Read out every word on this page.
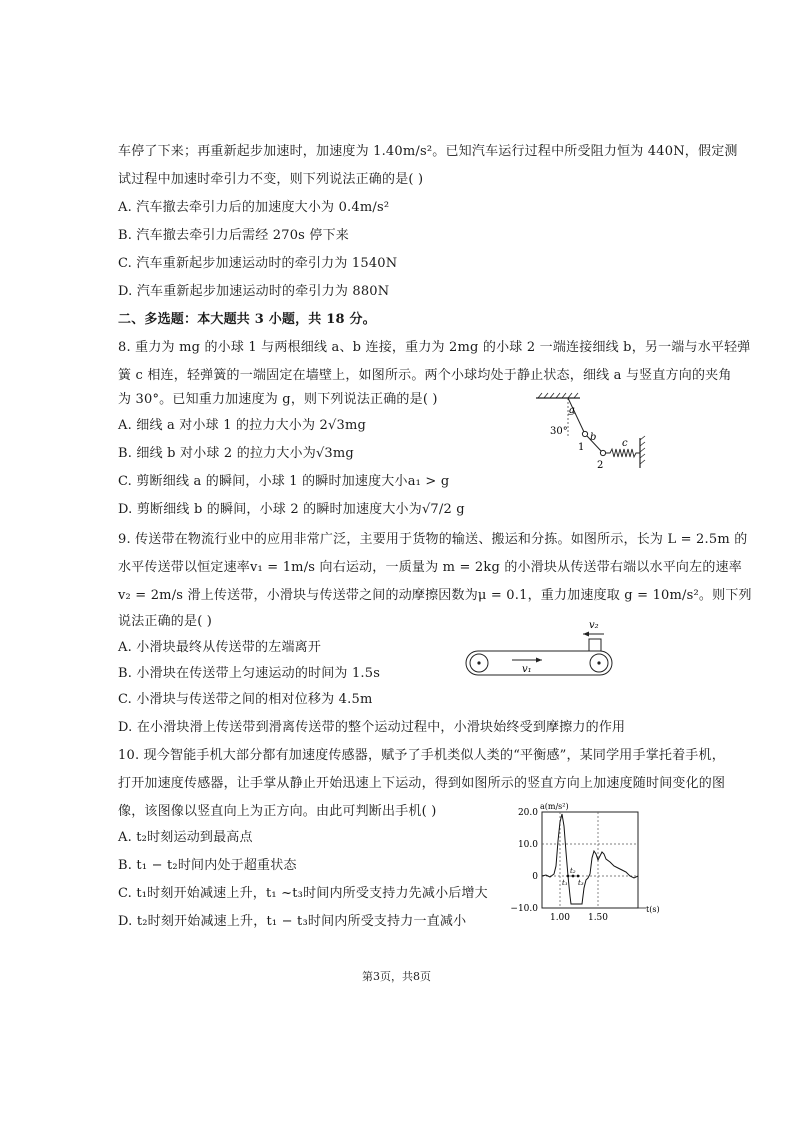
车停了下来；再重新起步加速时，加速度为 1.40m/s²。已知汽车运行过程中所受阻力恒为 440N，假定测
试过程中加速时牵引力不变，则下列说法正确的是( )
A. 汽车撤去牵引力后的加速度大小为 0.4m/s²
B. 汽车撤去牵引力后需经 270s 停下来
C. 汽车重新起步加速运动时的牵引力为 1540N
D. 汽车重新起步加速运动时的牵引力为 880N
二、多选题：本大题共 3 小题，共 18 分。
8. 重力为 mg 的小球 1 与两根细线 a、b 连接，重力为 2mg 的小球 2 一端连接细线 b，另一端与水平轻弹
簧 c 相连，轻弹簧的一端固定在墙壁上，如图所示。两个小球均处于静止状态，细线 a 与竖直方向的夹角
为 30°。已知重力加速度为 g，则下列说法正确的是( )
A. 细线 a 对小球 1 的拉力大小为 2√3mg
B. 细线 b 对小球 2 的拉力大小为√3mg
C. 剪断细线 a 的瞬间，小球 1 的瞬时加速度大小a₁ > g
D. 剪断细线 b 的瞬间，小球 2 的瞬时加速度大小为√7/2 g
9. 传送带在物流行业中的应用非常广泛，主要用于货物的输送、搬运和分拣。如图所示，长为 L = 2.5m 的
水平传送带以恒定速率v₁ = 1m/s 向右运动，一质量为 m = 2kg 的小滑块从传送带右端以水平向左的速率
v₂ = 2m/s 滑上传送带，小滑块与传送带之间的动摩擦因数为μ = 0.1，重力加速度取 g = 10m/s²。则下列
说法正确的是( )
A. 小滑块最终从传送带的左端离开
B. 小滑块在传送带上匀速运动的时间为 1.5s
C. 小滑块与传送带之间的相对位移为 4.5m
D. 在小滑块滑上传送带到滑离传送带的整个运动过程中，小滑块始终受到摩擦力的作用
10. 现今智能手机大部分都有加速度传感器，赋予了手机类似人类的“平衡感”，某同学用手掌托着手机，
打开加速度传感器，让手掌从静止开始迅速上下运动，得到如图所示的竖直方向上加速度随时间变化的图
像，该图像以竖直向上为正方向。由此可判断出手机( )
A. t₂时刻运动到最高点
B. t₁ − t₂时间内处于超重状态
C. t₁时刻开始减速上升，t₁ ~t₃时间内所受支持力先减小后增大
D. t₂时刻开始减速上升，t₁ − t₃时间内所受支持力一直减小
a
30°
1
b
2
c
v₁
v₂
a(m/s²)
t(s)
20.0
10.0
0
−10.0
1.00 1.50
t₁
t₂
t₃
第3页，共8页
